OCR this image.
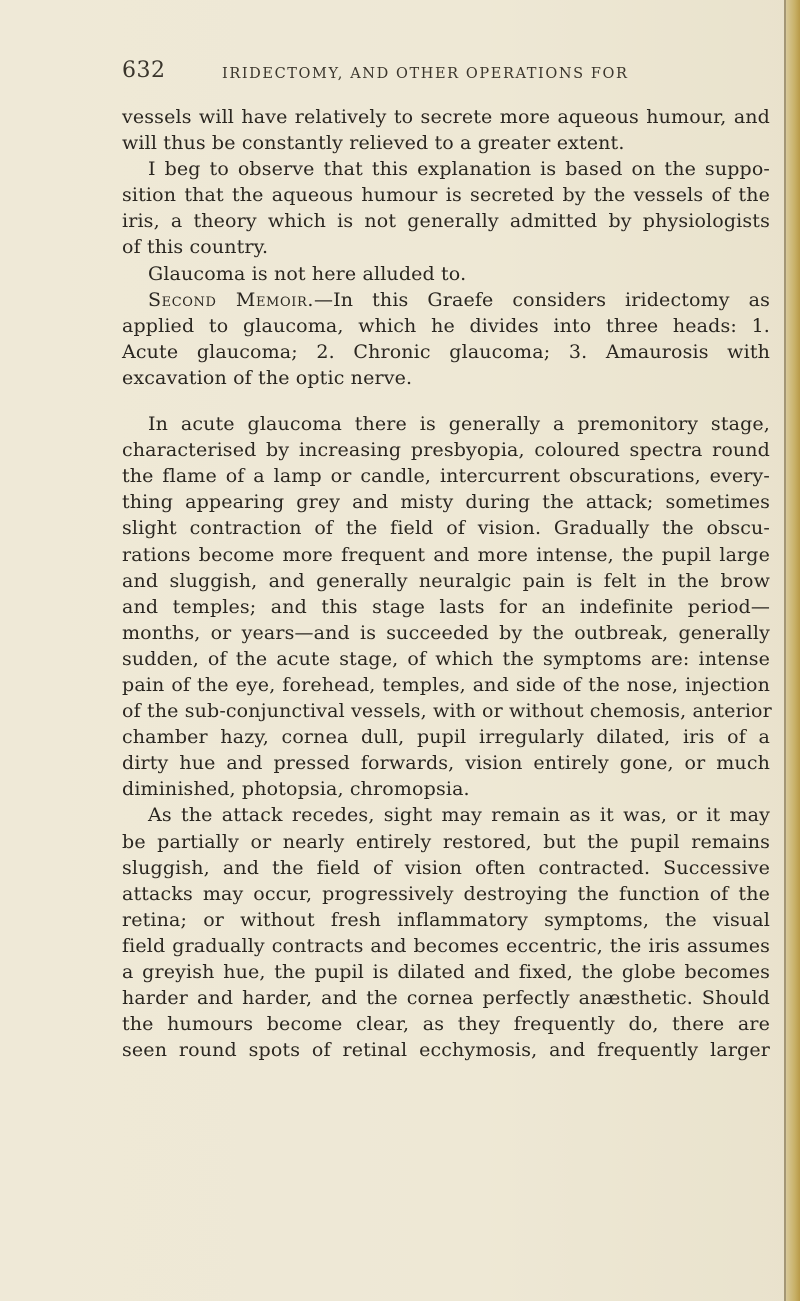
632	IRIDECTOMY, AND OTHER OPERATIONS FOR
vessels will have relatively to secrete more aqueous humour, and
will thus be constantly relieved to a greater extent.
I beg to observe that this explanation is based on the suppo-
sition that the aqueous humour is secreted by the vessels of the
iris, a theory which is not generally admitted by physiologists
of this country.
Glaucoma is not here alluded to.
Second Memoir.—In this Graefe considers iridectomy as
applied to glaucoma, which he divides into three heads: 1.
Acute glaucoma; 2. Chronic glaucoma; 3. Amaurosis with
excavation of the optic nerve.
In acute glaucoma there is generally a premonitory stage,
characterised by increasing presbyopia, coloured spectra round
the flame of a lamp or candle, intercurrent obscurations, every-
thing appearing grey and misty during the attack; sometimes
slight contraction of the field of vision. Gradually the obscu-
rations become more frequent and more intense, the pupil large
and sluggish, and generally neuralgic pain is felt in the brow
and temples; and this stage lasts for an indefinite period—
months, or years—and is succeeded by the outbreak, generally
sudden, of the acute stage, of which the symptoms are: intense
pain of the eye, forehead, temples, and side of the nose, injection
of the sub-conjunctival vessels, with or without chemosis, anterior
chamber hazy, cornea dull, pupil irregularly dilated, iris of a
dirty hue and pressed forwards, vision entirely gone, or much
diminished, photopsia, chromopsia.
As the attack recedes, sight may remain as it was, or it may
be partially or nearly entirely restored, but the pupil remains
sluggish, and the field of vision often contracted. Successive
attacks may occur, progressively destroying the function of the
retina; or without fresh inflammatory symptoms, the visual
field gradually contracts and becomes eccentric, the iris assumes
a greyish hue, the pupil is dilated and fixed, the globe becomes
harder and harder, and the cornea perfectly anæsthetic. Should
the humours become clear, as they frequently do, there are
seen round spots of retinal ecchymosis, and frequently larger
